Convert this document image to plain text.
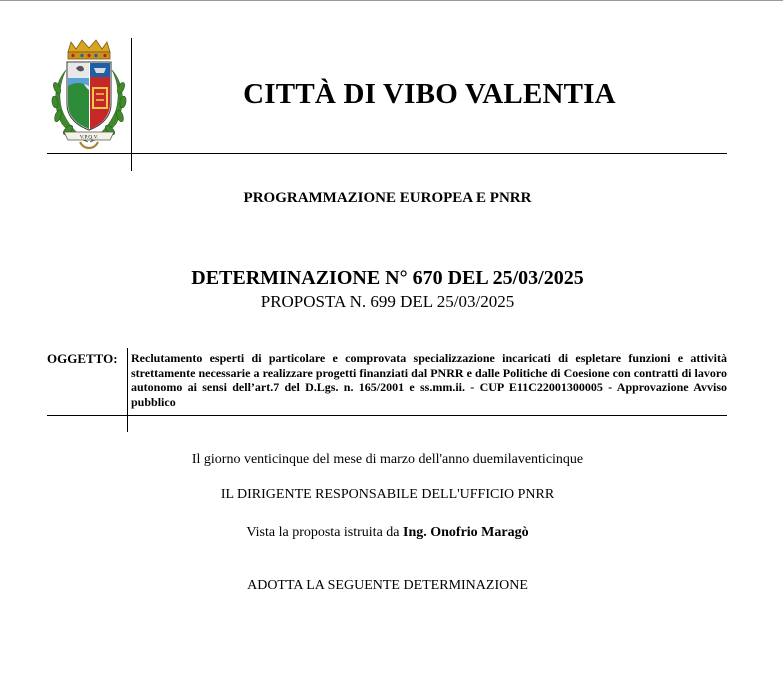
V.P.Q.V.
CITTÀ DI VIBO VALENTIA
PROGRAMMAZIONE EUROPEA E PNRR
DETERMINAZIONE N° 670 DEL 25/03/2025
PROPOSTA N. 699 DEL 25/03/2025
OGGETTO: Reclutamento esperti di particolare e comprovata specializzazione incaricati di espletare funzioni e attività strettamente necessarie a realizzare progetti finanziati dal PNRR e dalle Politiche di Coesione con contratti di lavoro autonomo ai sensi dell’art.7 del D.Lgs. n. 165/2001 e ss.mm.ii. - CUP E11C22001300005 - Approvazione Avviso pubblico
Il giorno venticinque del mese di marzo dell'anno duemilaventicinque
IL DIRIGENTE RESPONSABILE DELL'UFFICIO PNRR
Vista la proposta istruita da Ing. Onofrio Maragò
ADOTTA LA SEGUENTE DETERMINAZIONE
